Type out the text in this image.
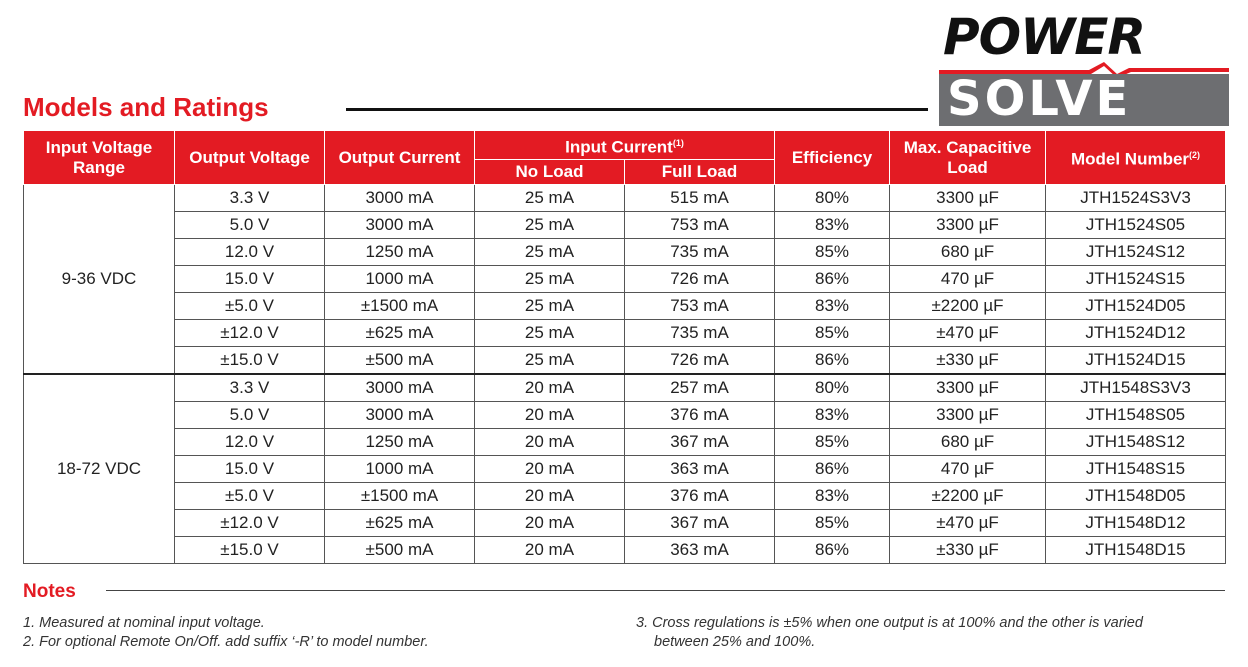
POWER
SOLVE
Models and Ratings
Input Voltage Range	Output Voltage	Output Current	Input Current$^{(1)}$		Efficiency	Max. Capacitive Load	Model Number$^{(2)}$
			No Load	Full Load			
9-36 VDC	3.3 V	3000 mA	25 mA	515 mA	80%	3300 µF	JTH1524S3V3
	5.0 V	3000 mA	25 mA	753 mA	83%	3300 µF	JTH1524S05
	12.0 V	1250 mA	25 mA	735 mA	85%	680 µF	JTH1524S12
	15.0 V	1000 mA	25 mA	726 mA	86%	470 µF	JTH1524S15
	±5.0 V	±1500 mA	25 mA	753 mA	83%	±2200 µF	JTH1524D05
	±12.0 V	±625 mA	25 mA	735 mA	85%	±470 µF	JTH1524D12
	±15.0 V	±500 mA	25 mA	726 mA	86%	±330 µF	JTH1524D15
18-72 VDC	3.3 V	3000 mA	20 mA	257 mA	80%	3300 µF	JTH1548S3V3
	5.0 V	3000 mA	20 mA	376 mA	83%	3300 µF	JTH1548S05
	12.0 V	1250 mA	20 mA	367 mA	85%	680 µF	JTH1548S12
	15.0 V	1000 mA	20 mA	363 mA	86%	470 µF	JTH1548S15
	±5.0 V	±1500 mA	20 mA	376 mA	83%	±2200 µF	JTH1548D05
	±12.0 V	±625 mA	20 mA	367 mA	85%	±470 µF	JTH1548D12
	±15.0 V	±500 mA	20 mA	363 mA	86%	±330 µF	JTH1548D15
Notes
1. Measured at nominal input voltage.
2. For optional Remote On/Off. add suffix ‘-R’ to model number.
3. Cross regulations is ±5% when one output is at 100% and the other is varied
between 25% and 100%.
